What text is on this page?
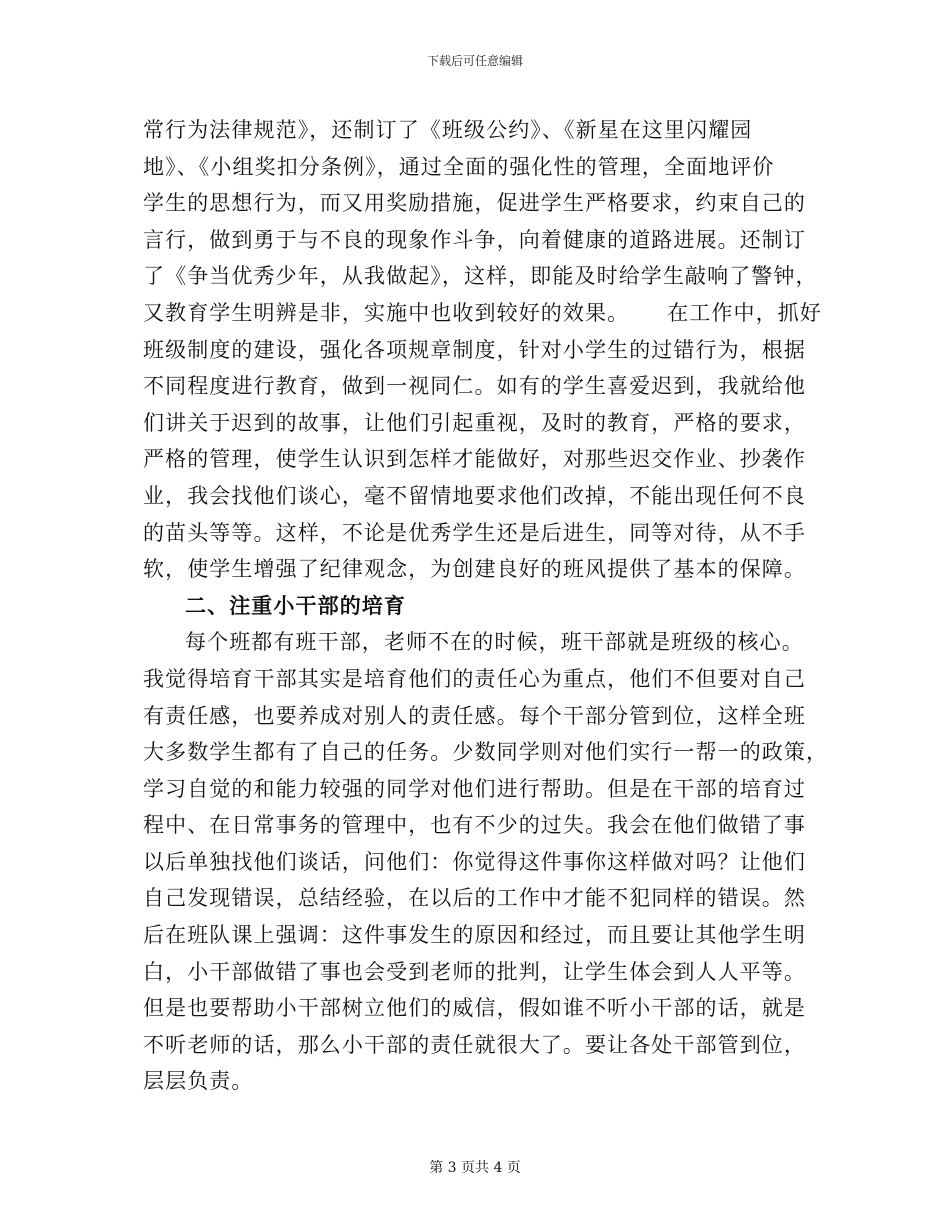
下载后可任意编辑
常行为法律规范》，还制订了《班级公约》、《新星在这里闪耀园
地》、《小组奖扣分条例》，通过全面的强化性的管理，全面地评价
学生的思想行为，而又用奖励措施，促进学生严格要求，约束自己的
言行，做到勇于与不良的现象作斗争，向着健康的道路进展。还制订
了《争当优秀少年，从我做起》，这样，即能及时给学生敲响了警钟，
又教育学生明辨是非，实施中也收到较好的效果。 在工作中，抓好
班级制度的建设，强化各项规章制度，针对小学生的过错行为，根据
不同程度进行教育，做到一视同仁。如有的学生喜爱迟到，我就给他
们讲关于迟到的故事，让他们引起重视，及时的教育，严格的要求，
严格的管理，使学生认识到怎样才能做好，对那些迟交作业、抄袭作
业，我会找他们谈心，毫不留情地要求他们改掉，不能出现任何不良
的苗头等等。这样，不论是优秀学生还是后进生，同等对待，从不手
软，使学生增强了纪律观念，为创建良好的班风提供了基本的保障。
二、注重小干部的培育
每个班都有班干部，老师不在的时候，班干部就是班级的核心。
我觉得培育干部其实是培育他们的责任心为重点，他们不但要对自己
有责任感，也要养成对别人的责任感。每个干部分管到位，这样全班
大多数学生都有了自己的任务。少数同学则对他们实行一帮一的政策，
学习自觉的和能力较强的同学对他们进行帮助。但是在干部的培育过
程中、在日常事务的管理中，也有不少的过失。我会在他们做错了事
以后单独找他们谈话，问他们：你觉得这件事你这样做对吗？让他们
自己发现错误，总结经验，在以后的工作中才能不犯同样的错误。然
后在班队课上强调：这件事发生的原因和经过，而且要让其他学生明
白，小干部做错了事也会受到老师的批判，让学生体会到人人平等。
但是也要帮助小干部树立他们的威信，假如谁不听小干部的话，就是
不听老师的话，那么小干部的责任就很大了。要让各处干部管到位，
层层负责。
第 3 页共 4 页
